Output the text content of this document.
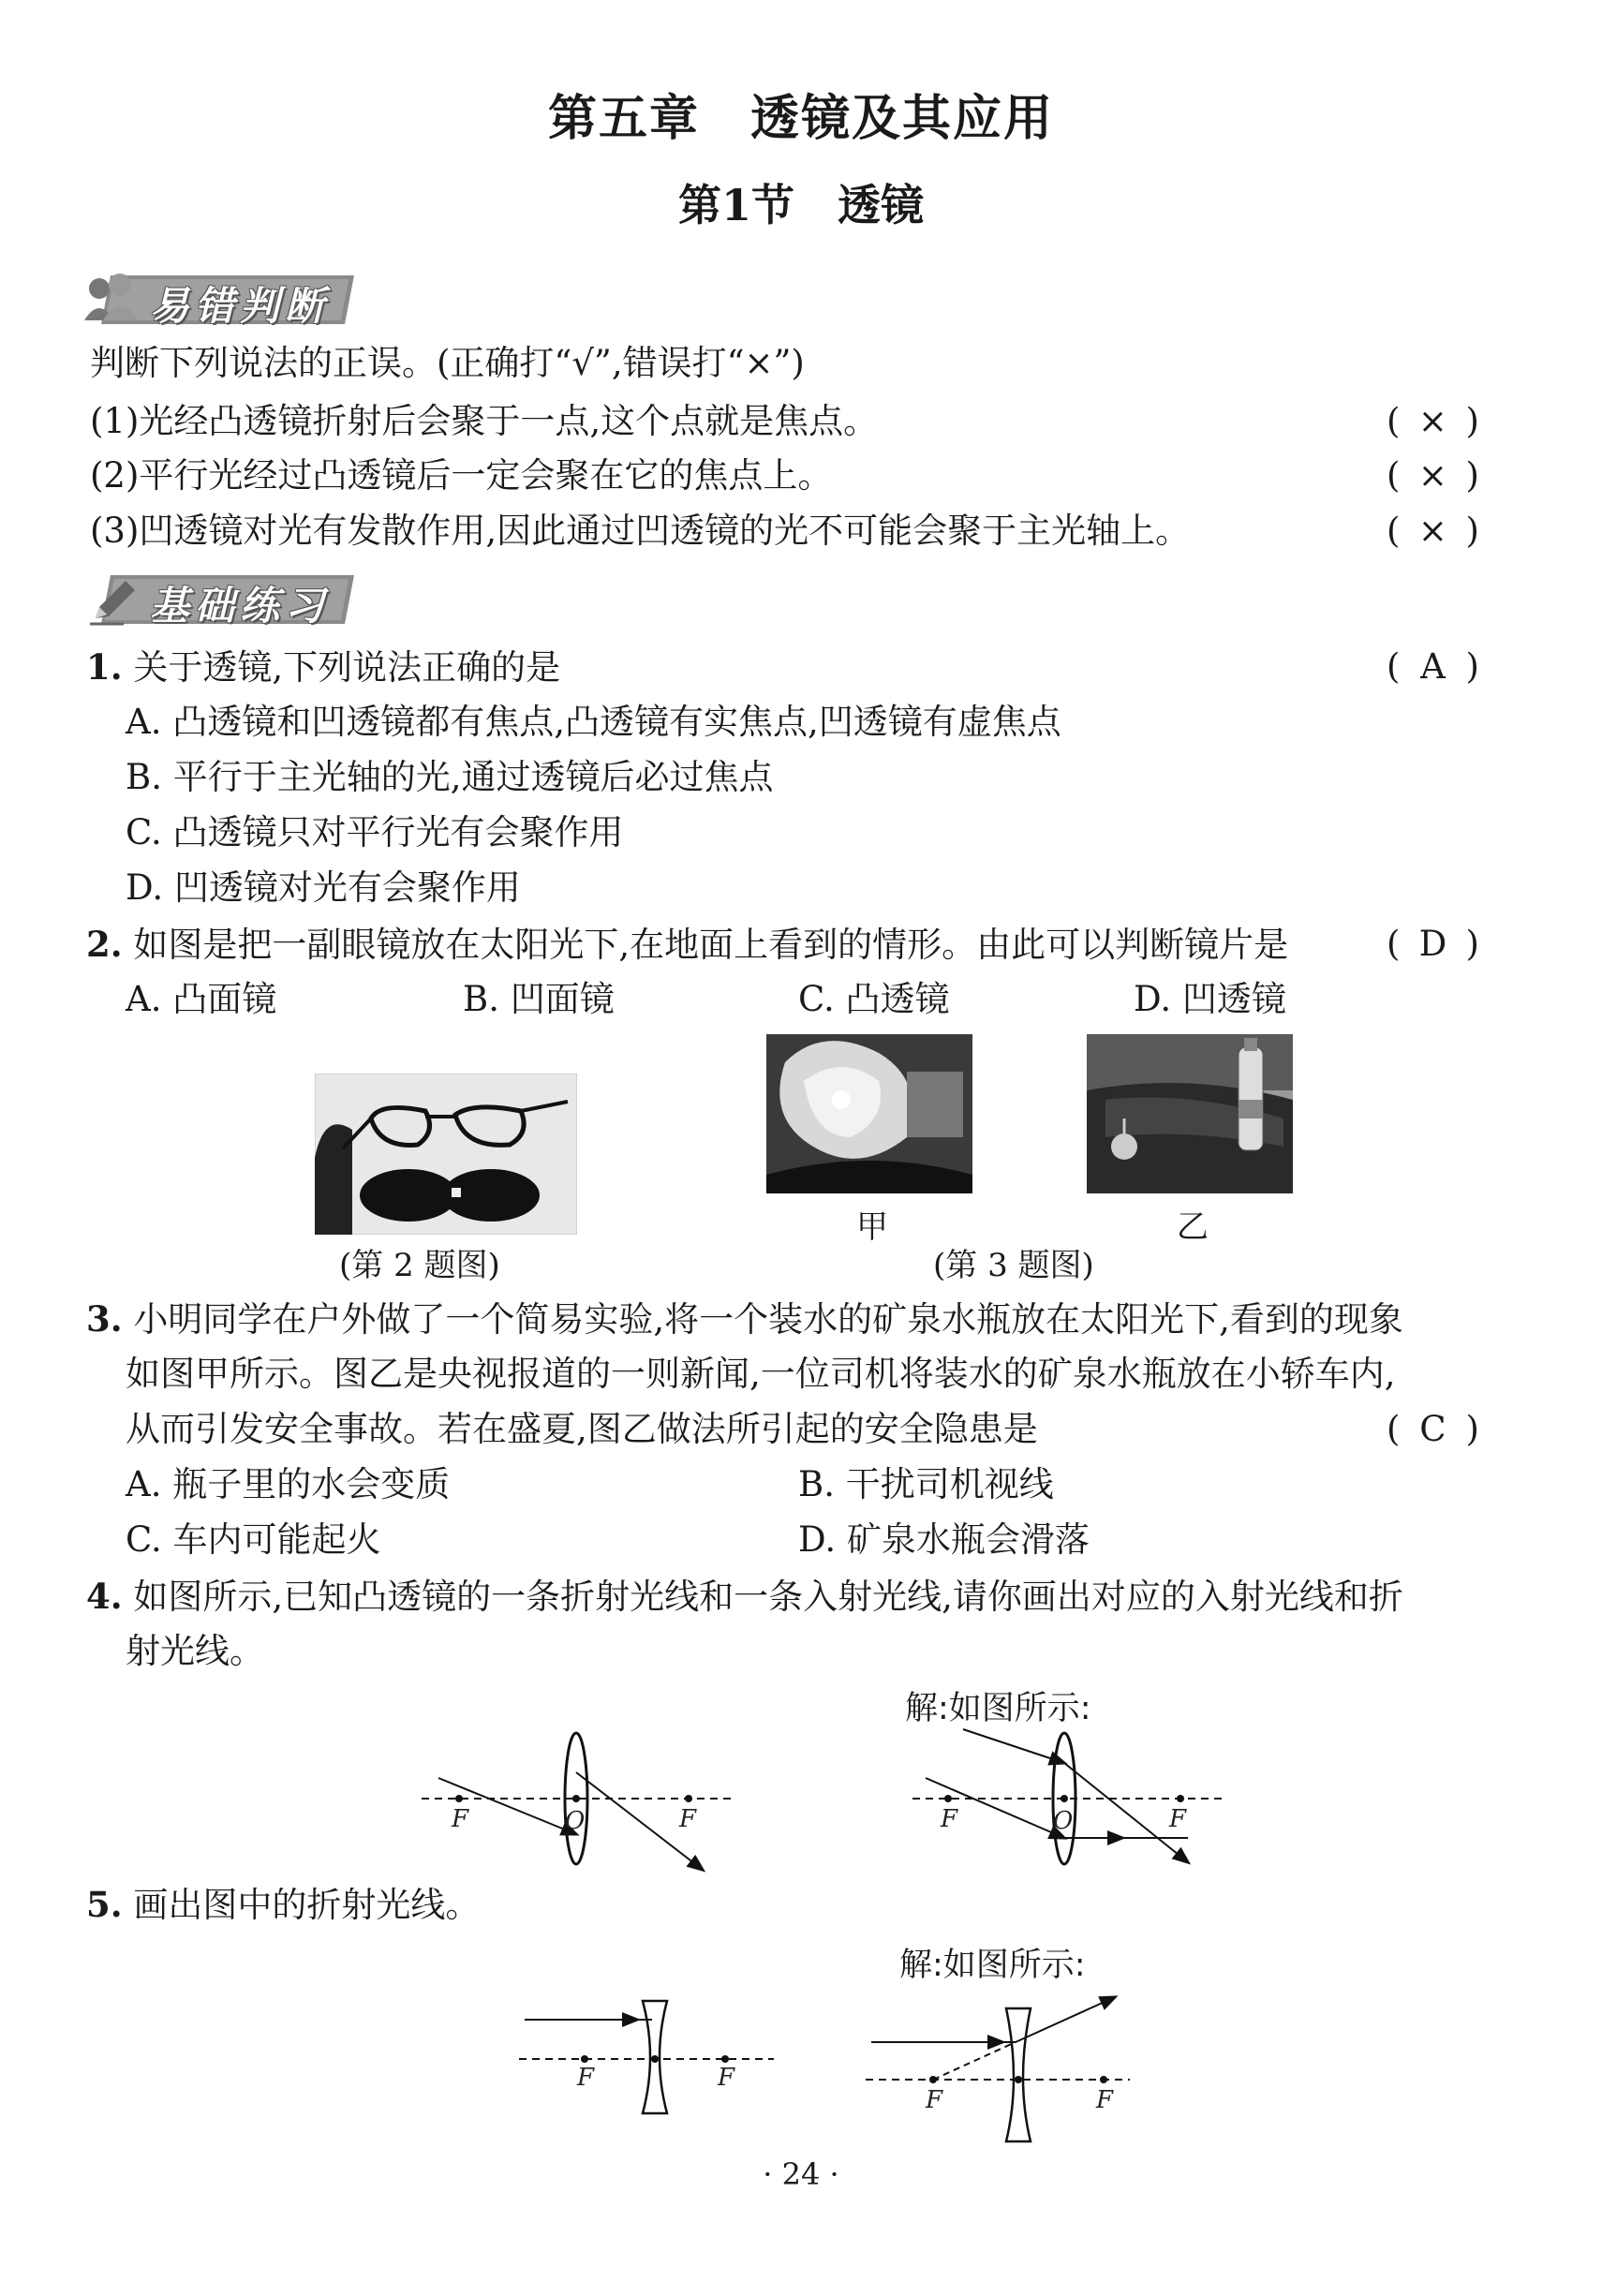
第五章　透镜及其应用
第1节　透镜
易错判断
判断下列说法的正误。(正确打“√”,错误打“×”)
(1)光经凸透镜折射后会聚于一点,这个点就是焦点。	( × )
(2)平行光经过凸透镜后一定会聚在它的焦点上。	( × )
(3)凹透镜对光有发散作用,因此通过凹透镜的光不可能会聚于主光轴上。	( × )
基础练习
1. 关于透镜,下列说法正确的是	( A )
A. 凸透镜和凹透镜都有焦点,凸透镜有实焦点,凹透镜有虚焦点
B. 平行于主光轴的光,通过透镜后必过焦点
C. 凸透镜只对平行光有会聚作用
D. 凹透镜对光有会聚作用
2. 如图是把一副眼镜放在太阳光下,在地面上看到的情形。由此可以判断镜片是	( D )
A. 凸面镜	B. 凹面镜	C. 凸透镜	D. 凹透镜
(第 2 题图)
甲	乙
(第 3 题图)
3. 小明同学在户外做了一个简易实验,将一个装水的矿泉水瓶放在太阳光下,看到的现象
如图甲所示。图乙是央视报道的一则新闻,一位司机将装水的矿泉水瓶放在小轿车内,
从而引发安全事故。若在盛夏,图乙做法所引起的安全隐患是	( C )
A. 瓶子里的水会变质	B. 干扰司机视线
C. 车内可能起火	D. 矿泉水瓶会滑落
4. 如图所示,已知凸透镜的一条折射光线和一条入射光线,请你画出对应的入射光线和折
射光线。
解:如图所示:
F	O	F	F	O	F
5. 画出图中的折射光线。
解:如图所示:
F	F
F	F
· 24 ·
